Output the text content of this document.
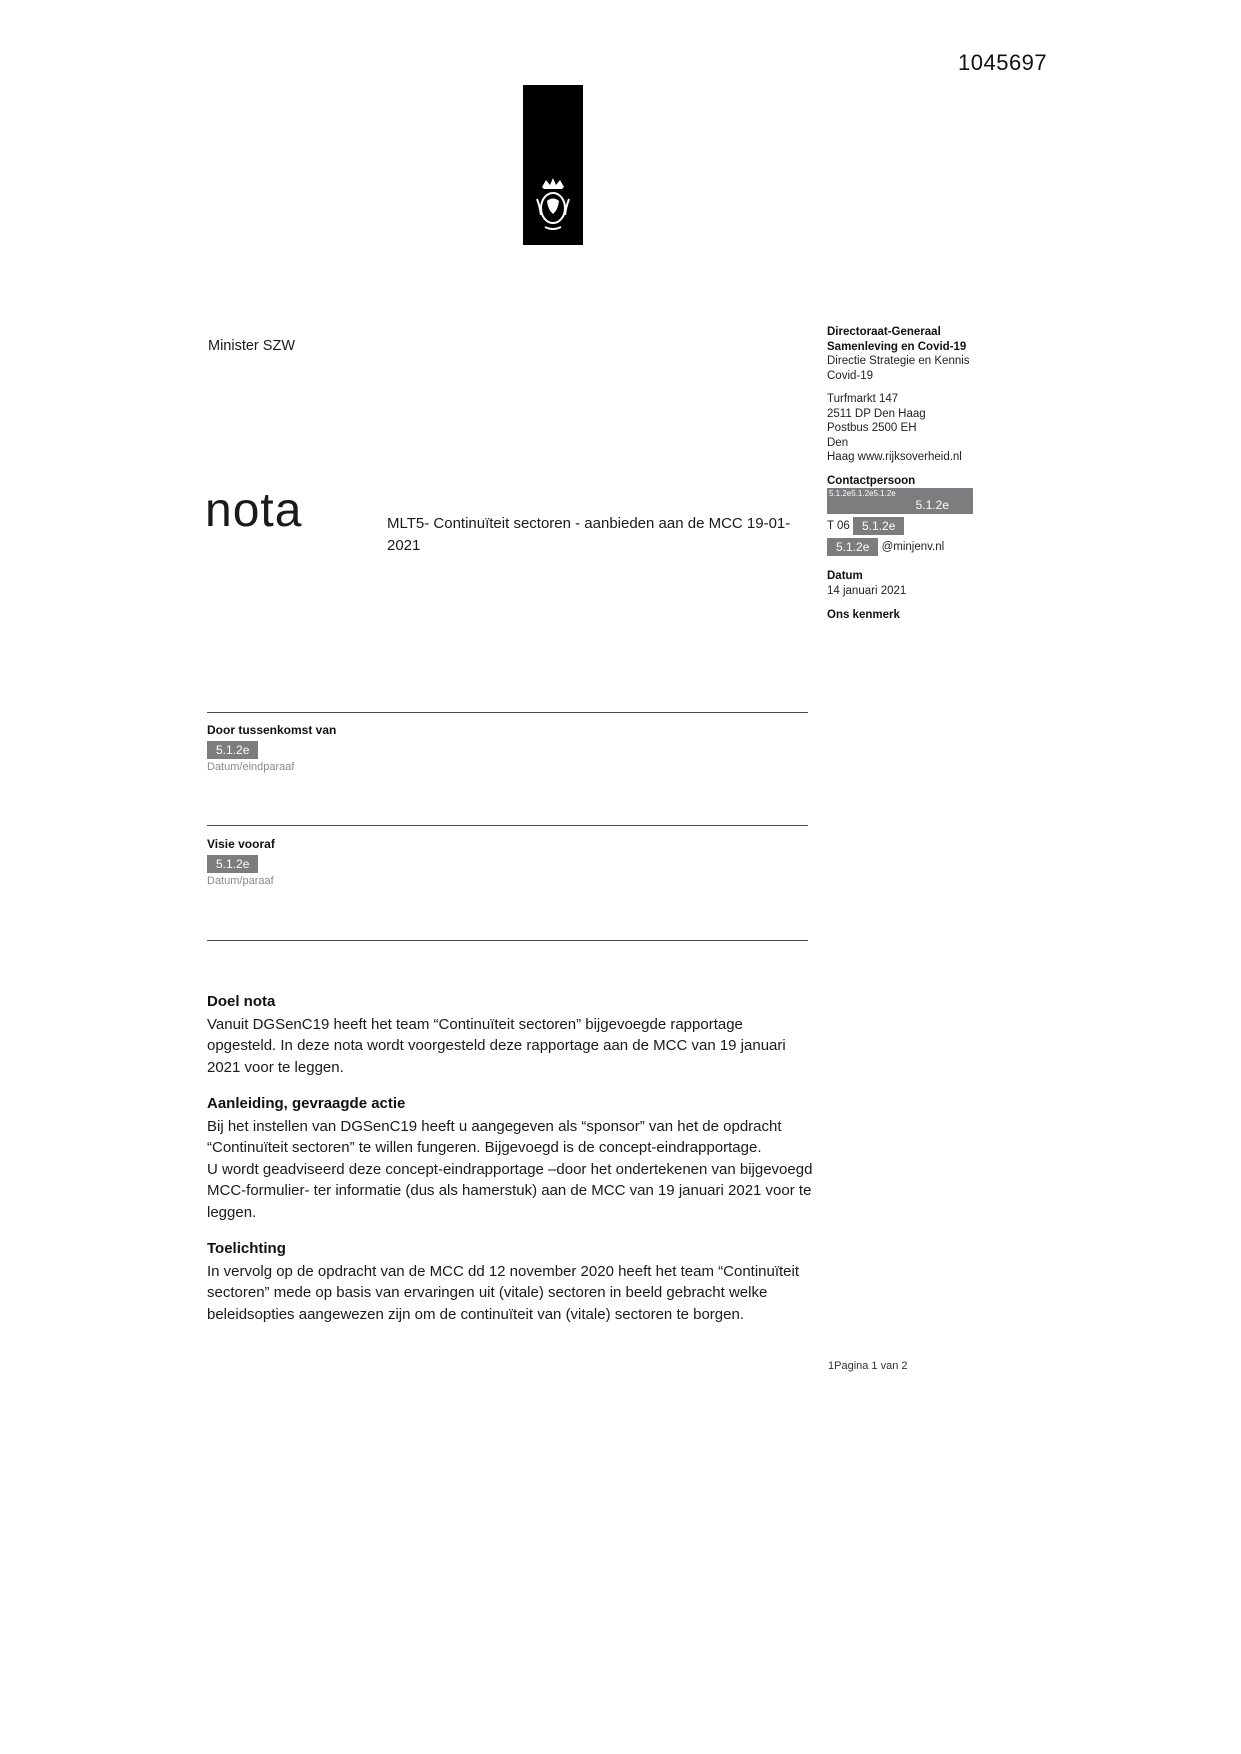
1045697
Minister SZW
Directoraat-Generaal
Samenleving en Covid-19
Directie Strategie en Kennis
Covid-19
Turfmarkt 147
2511 DP Den Haag
Postbus 2500 EH
Den
Haag www.rijksoverheid.nl
Contactpersoon
5.1.2e5.1.2e5.1.2e
5.1.2e
T 06 5.1.2e
5.1.2e @minjenv.nl
Datum
14 januari 2021
Ons kenmerk
nota	MLT5- Continuïteit sectoren - aanbieden aan de MCC 19-01-2021
Door tussenkomst van
5.1.2e
Datum/eindparaaf
Visie vooraf
5.1.2e
Datum/paraaf
Doel nota

Vanuit DGSenC19 heeft het team “Continuïteit sectoren” bijgevoegde rapportage opgesteld. In deze nota wordt voorgesteld deze rapportage aan de MCC van 19 januari 2021 voor te leggen.

Aanleiding, gevraagde actie

Bij het instellen van DGSenC19 heeft u aangegeven als “sponsor” van het de opdracht “Continuïteit sectoren” te willen fungeren. Bijgevoegd is de concept-eindrapportage.

U wordt geadviseerd deze concept-eindrapportage –door het ondertekenen van bijgevoegd MCC-formulier- ter informatie (dus als hamerstuk) aan de MCC van 19 januari 2021 voor te leggen.

Toelichting

In vervolg op de opdracht van de MCC dd 12 november 2020 heeft het team “Continuïteit sectoren” mede op basis van ervaringen uit (vitale) sectoren in beeld gebracht welke beleidsopties aangewezen zijn om de continuïteit van (vitale) sectoren te borgen.

1Pagina 1 van 2
